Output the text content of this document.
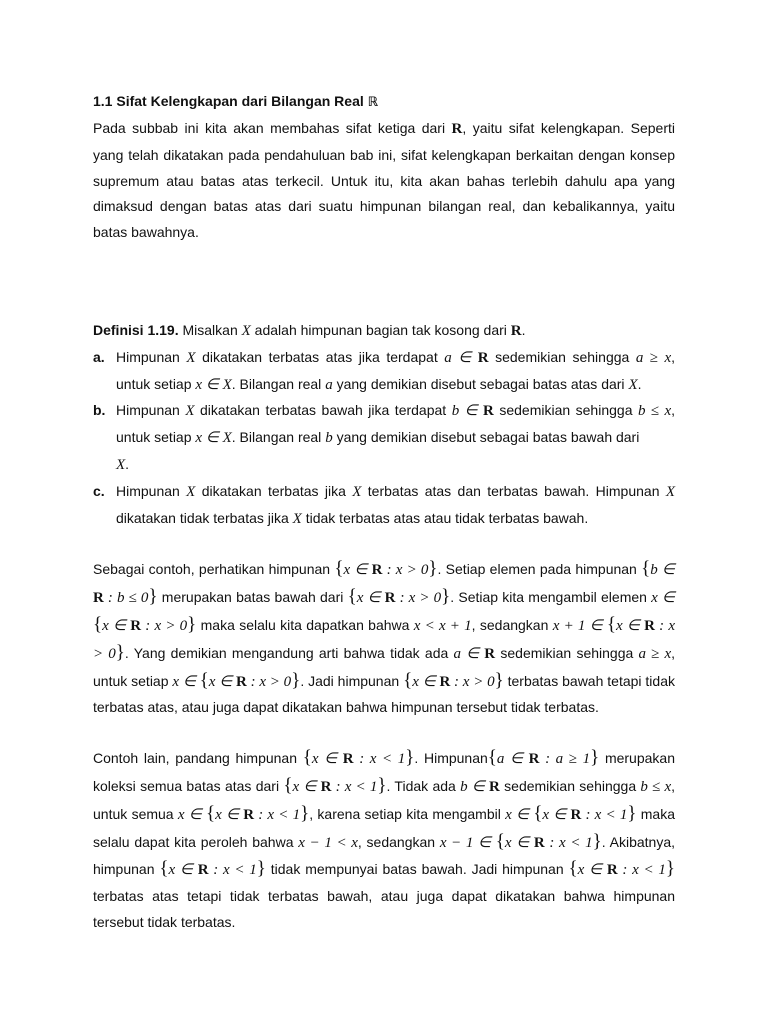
1.1 Sifat Kelengkapan dari Bilangan Real ℝ
Pada subbab ini kita akan membahas sifat ketiga dari R, yaitu sifat kelengkapan. Seperti yang telah dikatakan pada pendahuluan bab ini, sifat kelengkapan berkaitan dengan konsep supremum atau batas atas terkecil. Untuk itu, kita akan bahas terlebih dahulu apa yang dimaksud dengan batas atas dari suatu himpunan bilangan real, dan kebalikannya, yaitu batas bawahnya.
Definisi 1.19. Misalkan X adalah himpunan bagian tak kosong dari R.
a. Himpunan X dikatakan terbatas atas jika terdapat a ∈ R sedemikian sehingga a ≥ x, untuk setiap x ∈ X. Bilangan real a yang demikian disebut sebagai batas atas dari X.
b. Himpunan X dikatakan terbatas bawah jika terdapat b ∈ R sedemikian sehingga b ≤ x, untuk setiap x ∈ X. Bilangan real b yang demikian disebut sebagai batas bawah dari
X.
c. Himpunan X dikatakan terbatas jika X terbatas atas dan terbatas bawah. Himpunan X dikatakan tidak terbatas jika X tidak terbatas atas atau tidak terbatas bawah.
Sebagai contoh, perhatikan himpunan {x ∈ R : x > 0}. Setiap elemen pada himpunan {b ∈ R : b ≤ 0} merupakan batas bawah dari {x ∈ R : x > 0}. Setiap kita mengambil elemen x ∈ {x ∈ R : x > 0} maka selalu kita dapatkan bahwa x < x + 1, sedangkan x + 1 ∈ {x ∈ R : x > 0}. Yang demikian mengandung arti bahwa tidak ada a ∈ R sedemikian sehingga a ≥ x, untuk setiap x ∈ {x ∈ R : x > 0}. Jadi himpunan {x ∈ R : x > 0} terbatas bawah tetapi tidak terbatas atas, atau juga dapat dikatakan bahwa himpunan tersebut tidak terbatas.
Contoh lain, pandang himpunan {x ∈ R : x < 1}. Himpunan{a ∈ R : a ≥ 1} merupakan koleksi semua batas atas dari {x ∈ R : x < 1}. Tidak ada b ∈ R sedemikian sehingga b ≤ x, untuk semua x ∈ {x ∈ R : x < 1}, karena setiap kita mengambil x ∈ {x ∈ R : x < 1} maka selalu dapat kita peroleh bahwa x − 1 < x, sedangkan x − 1 ∈ {x ∈ R : x < 1}. Akibatnya, himpunan {x ∈ R : x < 1} tidak mempunyai batas bawah. Jadi himpunan {x ∈ R : x < 1} terbatas atas tetapi tidak terbatas bawah, atau juga dapat dikatakan bahwa himpunan tersebut tidak terbatas.
